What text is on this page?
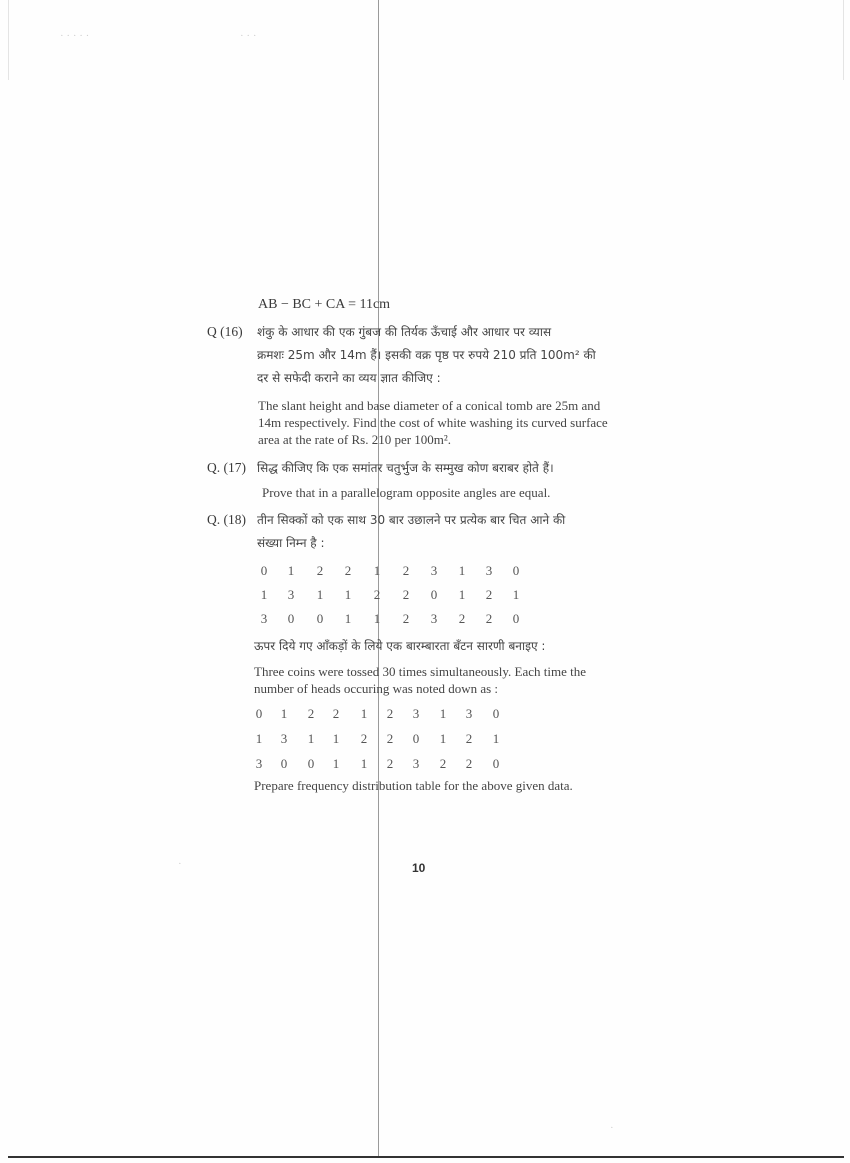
· · · · ·	· · ·
AB − BC + CA = 11cm
Q (16) शंकु के आधार की एक गुंबज की तिर्यक ऊँचाई और आधार पर व्यास
क्रमशः 25m और 14m हैं। इसकी वक्र पृष्ठ पर रुपये 210 प्रति 100m² की
दर से सफेदी कराने का व्यय ज्ञात कीजिए :
The slant height and base diameter of a conical tomb are 25m and
14m respectively. Find the cost of white washing its curved surface
area at the rate of Rs. 210 per 100m².
Q. (17) सिद्ध कीजिए कि एक समांतर चतुर्भुज के सम्मुख कोण बराबर होते हैं।
Prove that in a parallelogram opposite angles are equal.
Q. (18) तीन सिक्कों को एक साथ 30 बार उछालने पर प्रत्येक बार चित आने की
संख्या निम्न है :
0 1 2 2 1 2 3 1 3 0
1 3 1 1 2 2 0 1 2 1
3 0 0 1 1 2 3 2 2 0
ऊपर दिये गए आँकड़ों के लिये एक बारम्बारता बँटन सारणी बनाइए :
Three coins were tossed 30 times simultaneously. Each time the
number of heads occuring was noted down as :
0 1 2 2 1 2 3 1 3 0
1 3 1 1 2 2 0 1 2 1
3 0 0 1 1 2 3 2 2 0
Prepare frequency distribution table for the above given data.
10
·
·
